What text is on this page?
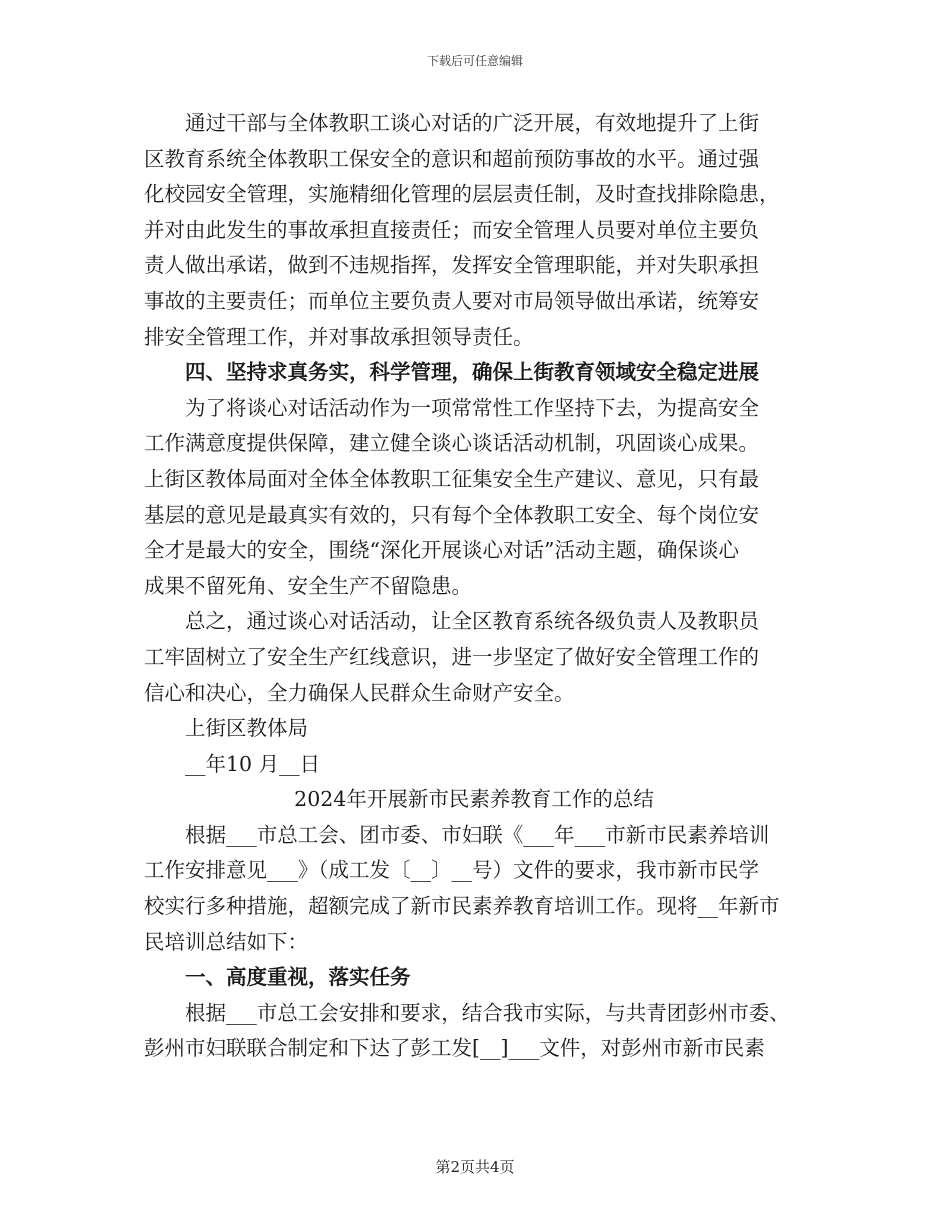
下载后可任意编辑
通过干部与全体教职工谈心对话的广泛开展，有效地提升了上街
区教育系统全体教职工保安全的意识和超前预防事故的水平。通过强
化校园安全管理，实施精细化管理的层层责任制，及时查找排除隐患，
并对由此发生的事故承担直接责任；而安全管理人员要对单位主要负
责人做出承诺，做到不违规指挥，发挥安全管理职能，并对失职承担
事故的主要责任；而单位主要负责人要对市局领导做出承诺，统筹安
排安全管理工作，并对事故承担领导责任。
四、坚持求真务实，科学管理，确保上街教育领域安全稳定进展
为了将谈心对话活动作为一项常常性工作坚持下去，为提高安全
工作满意度提供保障，建立健全谈心谈话活动机制，巩固谈心成果。
上街区教体局面对全体全体教职工征集安全生产建议、意见，只有最
基层的意见是最真实有效的，只有每个全体教职工安全、每个岗位安
全才是最大的安全，围绕“深化开展谈心对话”活动主题，确保谈心
成果不留死角、安全生产不留隐患。
总之，通过谈心对话活动，让全区教育系统各级负责人及教职员
工牢固树立了安全生产红线意识，进一步坚定了做好安全管理工作的
信心和决心，全力确保人民群众生命财产安全。
上街区教体局
__年10 月__日
2024年开展新市民素养教育工作的总结
根据___市总工会、团市委、市妇联《___年___市新市民素养培训
工作安排意见___》（成工发〔__〕__号）文件的要求，我市新市民学
校实行多种措施，超额完成了新市民素养教育培训工作。现将__年新市
民培训总结如下：
一、高度重视，落实任务
根据___市总工会安排和要求，结合我市实际，与共青团彭州市委、
彭州市妇联联合制定和下达了彭工发[__]___文件，对彭州市新市民素
第2页共4页
